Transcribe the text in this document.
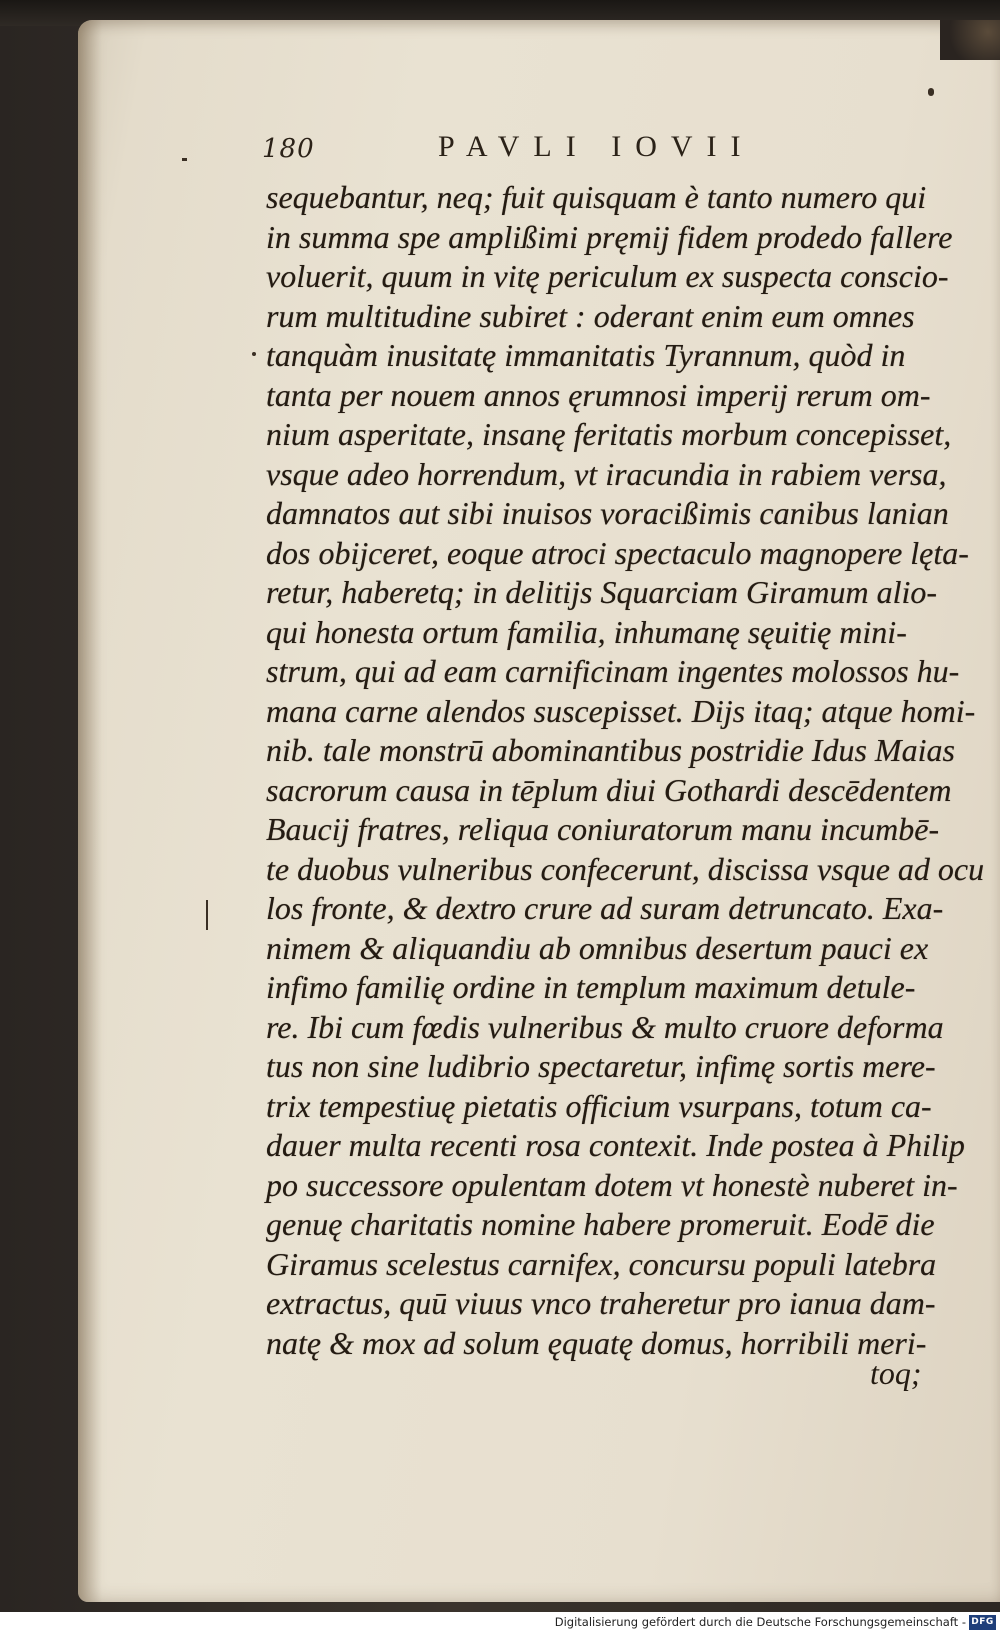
180	PAVLI IOVII
sequebantur, neq; fuit quisquam è tanto numero qui
in summa spe amplißimi pręmij fidem prodedo fallere
voluerit, quum in vitę periculum ex suspecta conscio-
rum multitudine subiret : oderant enim eum omnes
tanquàm inusitatę immanitatis Tyrannum, quòd in
tanta per nouem annos ęrumnosi imperij rerum om-
nium asperitate, insanę feritatis morbum concepisset,
vsque adeo horrendum, vt iracundia in rabiem versa,
damnatos aut sibi inuisos voracißimis canibus lanian
dos obijceret, eoque atroci spectaculo magnopere lęta-
retur, haberetq; in delitijs Squarciam Giramum alio-
qui honesta ortum familia, inhumanę sęuitię mini-
strum, qui ad eam carnificinam ingentes molossos hu-
mana carne alendos suscepisset. Dijs itaq; atque homi-
nib. tale monstrū abominantibus postridie Idus Maias
sacrorum causa in tēplum diui Gothardi descēdentem
Baucij fratres, reliqua coniuratorum manu incumbē-
te duobus vulneribus confecerunt, discissa vsque ad ocu
los fronte, & dextro crure ad suram detruncato. Exa-
nimem & aliquandiu ab omnibus desertum pauci ex
infimo familię ordine in templum maximum detule-
re. Ibi cum fœdis vulneribus & multo cruore deforma
tus non sine ludibrio spectaretur, infimę sortis mere-
trix tempestiuę pietatis officium vsurpans, totum ca-
dauer multa recenti rosa contexit. Inde postea à Philip
po successore opulentam dotem vt honestè nuberet in-
genuę charitatis nomine habere promeruit. Eodē die
Giramus scelestus carnifex, concursu populi latebra
extractus, quū viuus vnco traheretur pro ianua dam-
natę & mox ad solum ęquatę domus, horribili meri-
toq;
Digitalisierung gefördert durch die Deutsche Forschungsgemeinschaft - DFG
